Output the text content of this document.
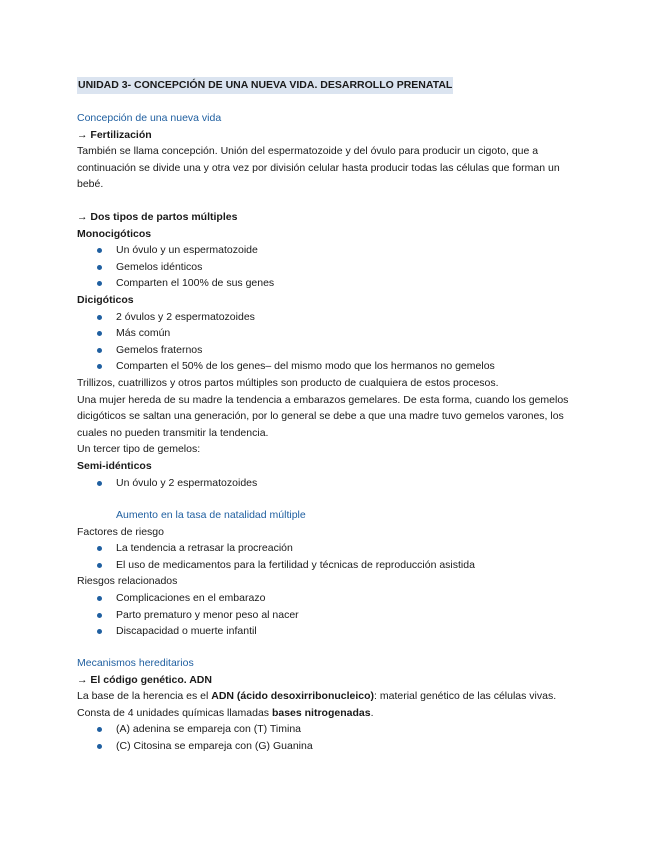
UNIDAD 3- CONCEPCIÓN DE UNA NUEVA VIDA. DESARROLLO PRENATAL
Concepción de una nueva vida
→ Fertilización
También se llama concepción. Unión del espermatozoide y del óvulo para producir un cigoto, que a continuación se divide una y otra vez por división celular hasta producir todas las células que forman un bebé.
→ Dos tipos de partos múltiples
Monocigóticos
Un óvulo y un espermatozoide
Gemelos idénticos
Comparten el 100% de sus genes
Dicigóticos
2 óvulos y 2 espermatozoides
Más común
Gemelos fraternos
Comparten el 50% de los genes– del mismo modo que los hermanos no gemelos
Trillizos, cuatrillizos y otros partos múltiples son producto de cualquiera de estos procesos.
Una mujer hereda de su madre la tendencia a embarazos gemelares. De esta forma, cuando los gemelos dicigóticos se saltan una generación, por lo general se debe a que una madre tuvo gemelos varones, los cuales no pueden transmitir la tendencia.
Un tercer tipo de gemelos:
Semi-idénticos
Un óvulo y 2 espermatozoides
Aumento en la tasa de natalidad múltiple
Factores de riesgo
La tendencia a retrasar la procreación
El uso de medicamentos para la fertilidad y técnicas de reproducción asistida
Riesgos relacionados
Complicaciones en el embarazo
Parto prematuro y menor peso al nacer
Discapacidad o muerte infantil
Mecanismos hereditarios
→ El código genético. ADN
La base de la herencia es el ADN (ácido desoxirribonucleico): material genético de las células vivas.
Consta de 4 unidades químicas llamadas bases nitrogenadas.
(A) adenina se empareja con (T) Timina
(C) Citosina se empareja con (G) Guanina
